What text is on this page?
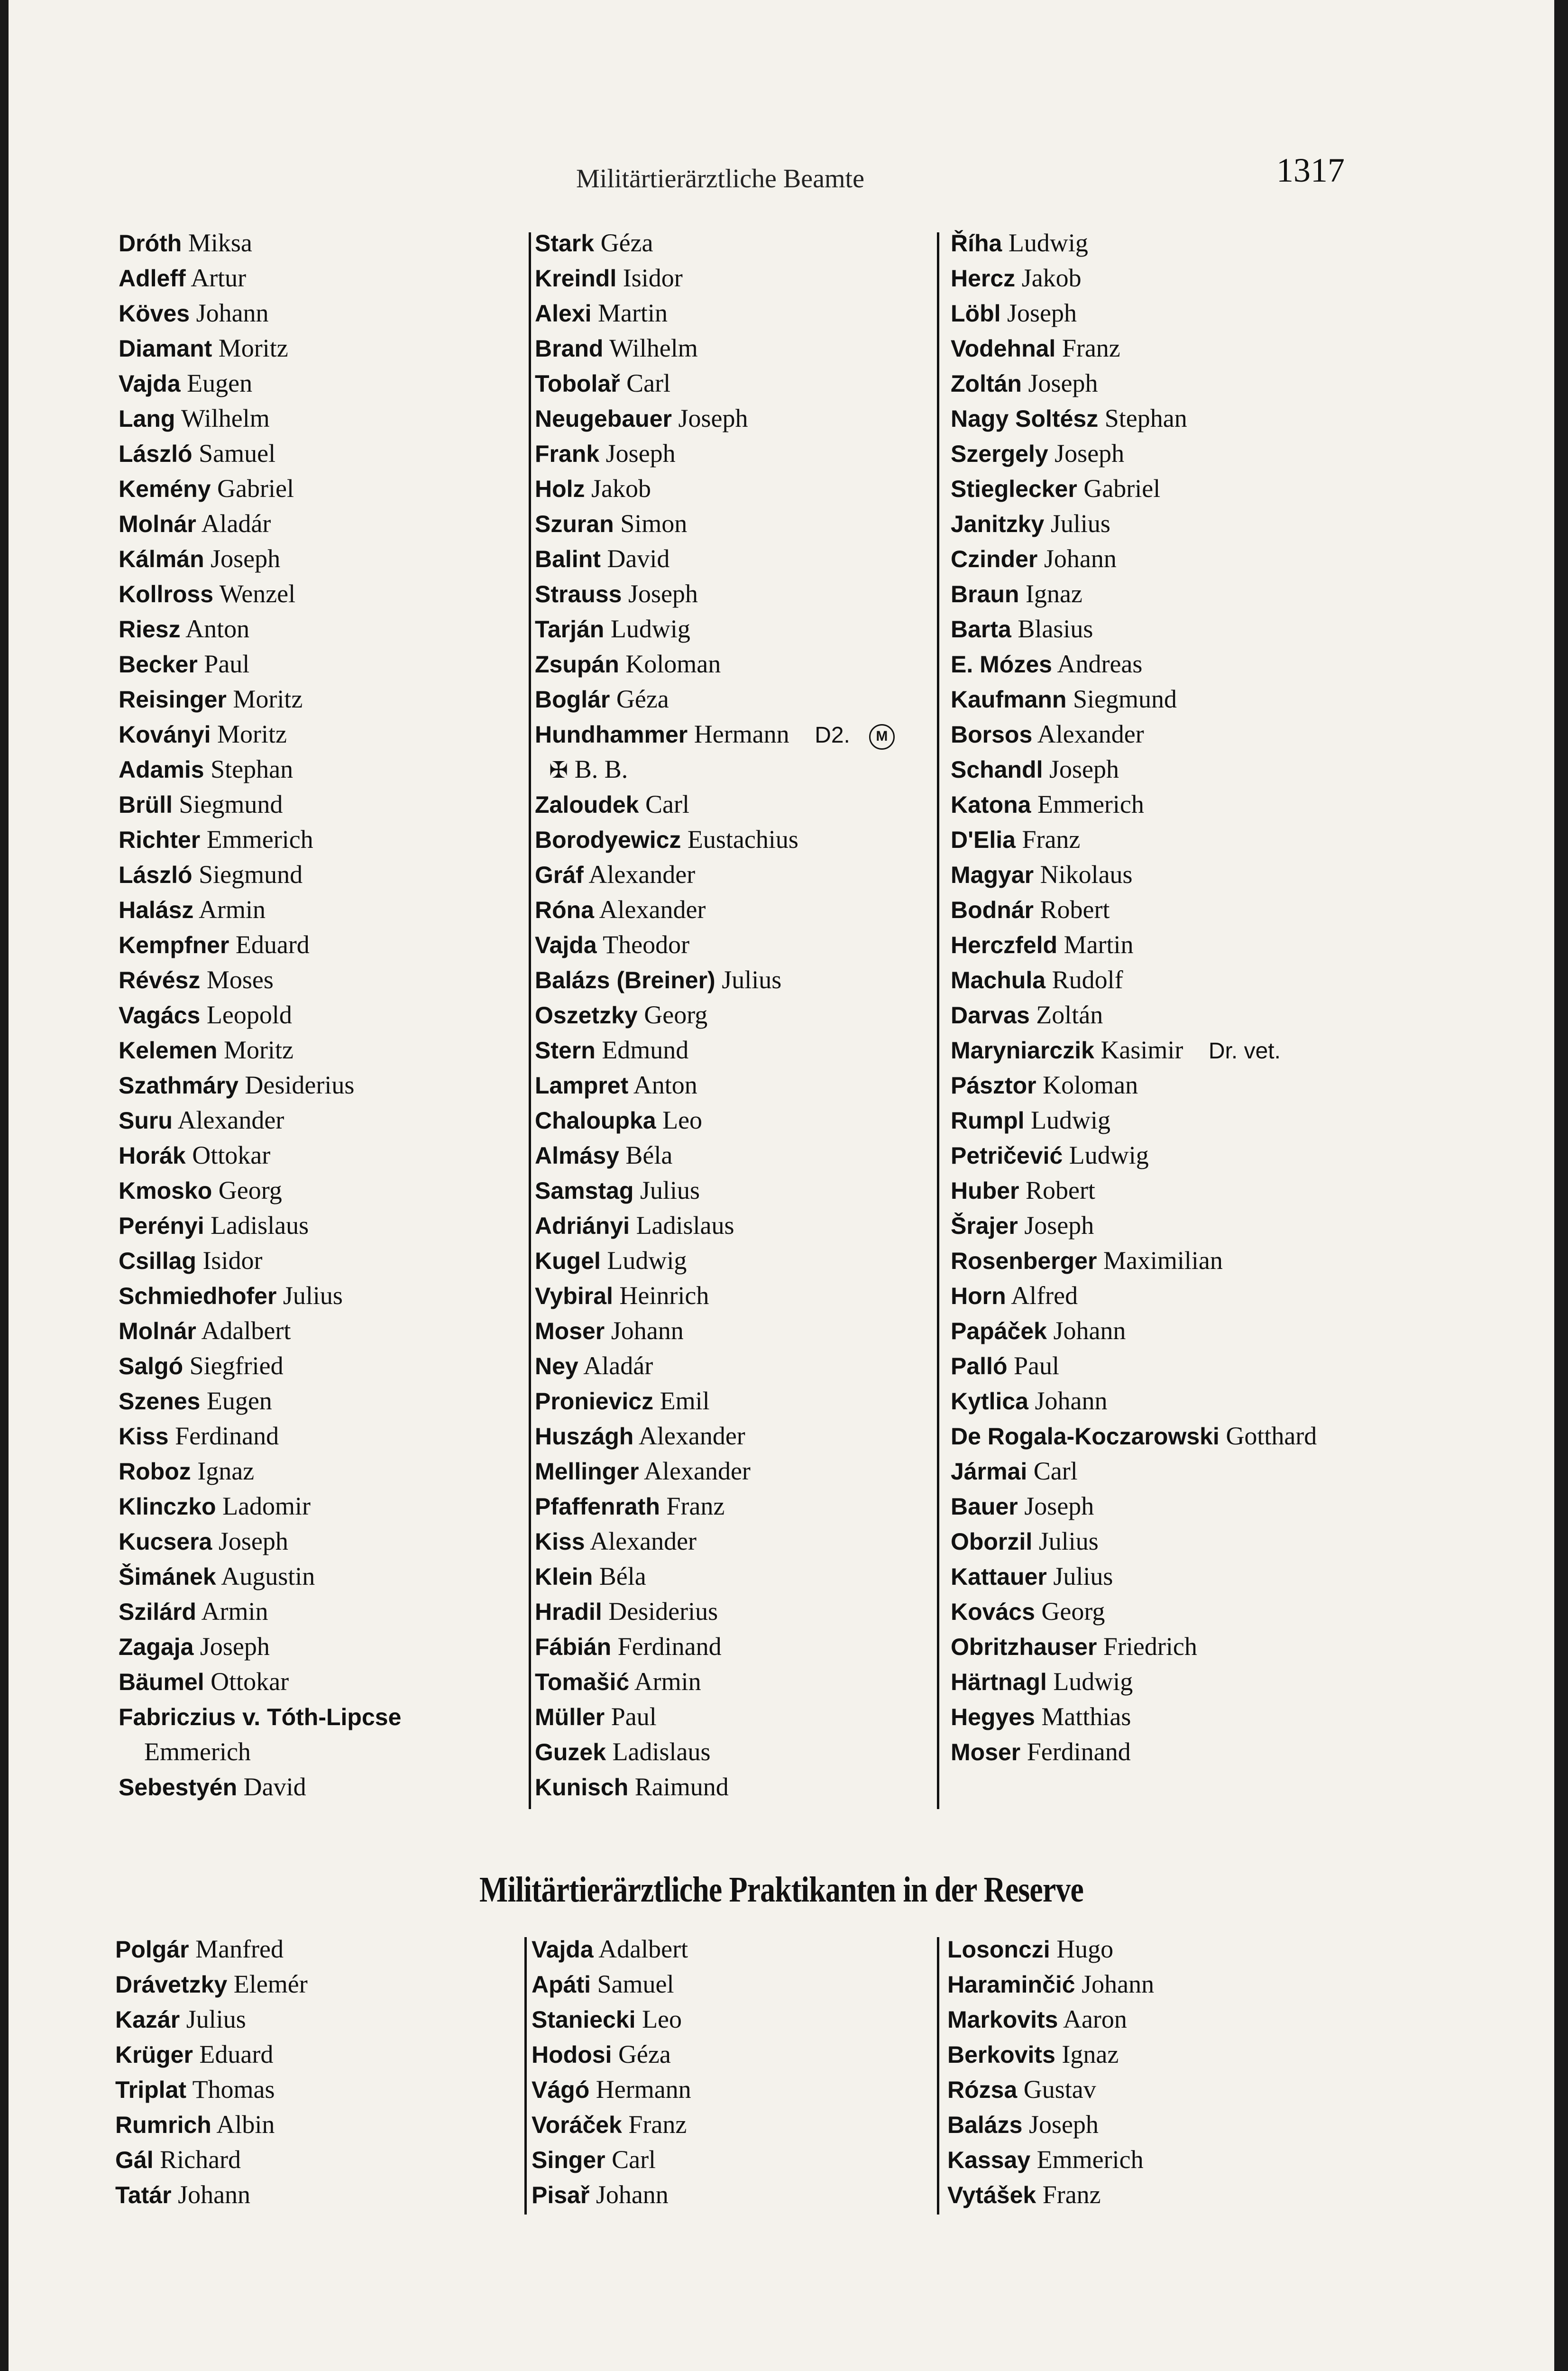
Militärtierärztliche Beamte	1317
Dróth Miksa
Adleff Artur
Köves Johann
Diamant Moritz
Vajda Eugen
Lang Wilhelm
László Samuel
Kemény Gabriel
Molnár Aladár
Kálmán Joseph
Kollross Wenzel
Riesz Anton
Becker Paul
Reisinger Moritz
Koványi Moritz
Adamis Stephan
Brüll Siegmund
Richter Emmerich
László Siegmund
Halász Armin
Kempfner Eduard
Révész Moses
Vagács Leopold
Kelemen Moritz
Szathmáry Desiderius
Suru Alexander
Horák Ottokar
Kmosko Georg
Perényi Ladislaus
Csillag Isidor
Schmiedhofer Julius
Molnár Adalbert
Salgó Siegfried
Szenes Eugen
Kiss Ferdinand
Roboz Ignaz
Klinczko Ladomir
Kucsera Joseph
Šimánek Augustin
Szilárd Armin
Zagaja Joseph
Bäumel Ottokar
Fabriczius v. Tóth-Lipcse
Emmerich
Sebestyén David
Stark Géza
Kreindl Isidor
Alexi Martin
Brand Wilhelm
Tobolař Carl
Neugebauer Joseph
Frank Joseph
Holz Jakob
Szuran Simon
Balint David
Strauss Joseph
Tarján Ludwig
Zsupán Koloman
Boglár Géza
Hundhammer Hermann D2. M
✠ B. B.
Zaloudek Carl
Borodyewicz Eustachius
Gráf Alexander
Róna Alexander
Vajda Theodor
Balázs (Breiner) Julius
Oszetzky Georg
Stern Edmund
Lampret Anton
Chaloupka Leo
Almásy Béla
Samstag Julius
Adriányi Ladislaus
Kugel Ludwig
Vybiral Heinrich
Moser Johann
Ney Aladár
Pronievicz Emil
Huszágh Alexander
Mellinger Alexander
Pfaffenrath Franz
Kiss Alexander
Klein Béla
Hradil Desiderius
Fábián Ferdinand
Tomašić Armin
Müller Paul
Guzek Ladislaus
Kunisch Raimund
Říha Ludwig
Hercz Jakob
Löbl Joseph
Vodehnal Franz
Zoltán Joseph
Nagy Soltész Stephan
Szergely Joseph
Stieglecker Gabriel
Janitzky Julius
Czinder Johann
Braun Ignaz
Barta Blasius
E. Mózes Andreas
Kaufmann Siegmund
Borsos Alexander
Schandl Joseph
Katona Emmerich
D'Elia Franz
Magyar Nikolaus
Bodnár Robert
Herczfeld Martin
Machula Rudolf
Darvas Zoltán
Maryniarczik Kasimir Dr. vet.
Pásztor Koloman
Rumpl Ludwig
Petričević Ludwig
Huber Robert
Šrajer Joseph
Rosenberger Maximilian
Horn Alfred
Papáček Johann
Palló Paul
Kytlica Johann
De Rogala-Koczarowski Gotthard
Jármai Carl
Bauer Joseph
Oborzil Julius
Kattauer Julius
Kovács Georg
Obritzhauser Friedrich
Härtnagl Ludwig
Hegyes Matthias
Moser Ferdinand
Militärtierärztliche Praktikanten in der Reserve
Polgár Manfred
Drávetzky Elemér
Kazár Julius
Krüger Eduard
Triplat Thomas
Rumrich Albin
Gál Richard
Tatár Johann
Vajda Adalbert
Apáti Samuel
Staniecki Leo
Hodosi Géza
Vágó Hermann
Voráček Franz
Singer Carl
Pisař Johann
Losonczi Hugo
Haraminčić Johann
Markovits Aaron
Berkovits Ignaz
Rózsa Gustav
Balázs Joseph
Kassay Emmerich
Vytášek Franz
